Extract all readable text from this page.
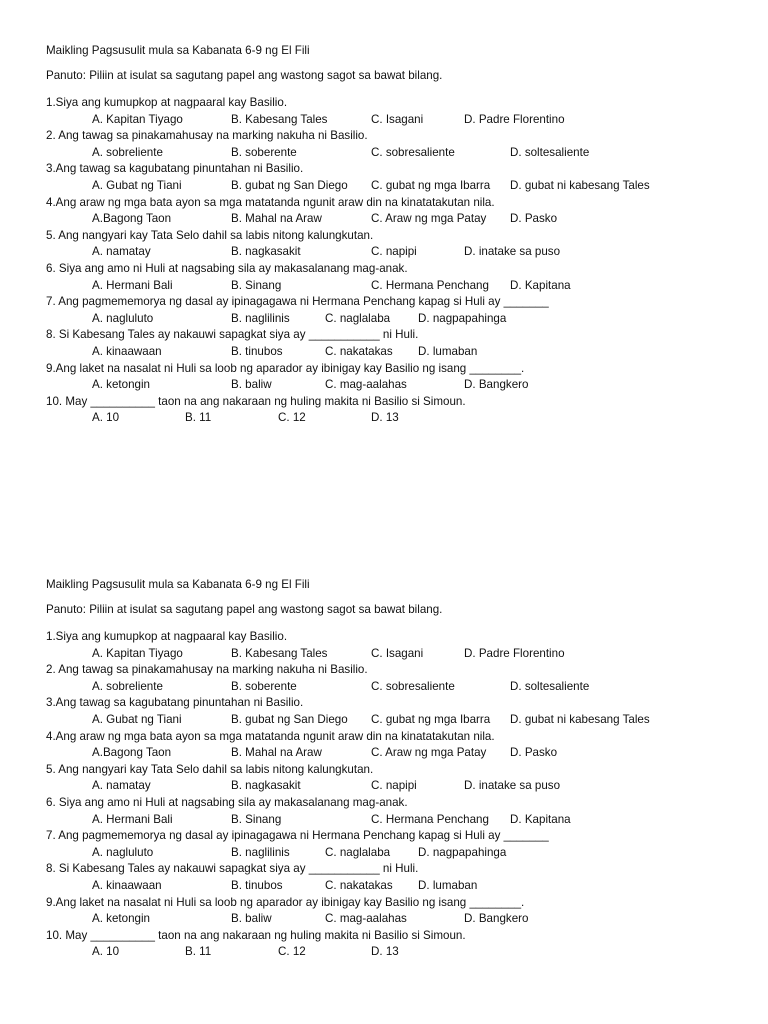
Maikling Pagsusulit mula sa Kabanata 6-9 ng El Fili
Panuto: Piliin at isulat sa sagutang papel ang wastong sagot sa bawat bilang.
1.Siya ang kumupkop at nagpaaral kay Basilio.
A. Kapitan Tiyago	B. Kabesang Tales	C. Isagani	D. Padre Florentino
2. Ang tawag sa pinakamahusay na marking nakuha ni Basilio.
A. sobreliente	B. soberente	C. sobresaliente	D. soltesaliente
3.Ang tawag sa kagubatang pinuntahan ni Basilio.
A. Gubat ng Tiani	B. gubat ng San Diego C. gubat ng mga Ibarra D. gubat ni kabesang Tales
4.Ang araw ng mga bata ayon sa mga matatanda ngunit araw din na kinatatakutan nila.
A.Bagong Taon	B. Mahal na Araw	C. Araw ng mga Patay D. Pasko
5. Ang nangyari kay Tata Selo dahil sa labis nitong kalungkutan.
A. namatay	B. nagkasakit	C. napipi	D. inatake sa puso
6. Siya ang amo ni Huli at nagsabing sila ay makasalanang mag-anak.
A. Hermani Bali	B. Sinang	C. Hermana Penchang D. Kapitana
7. Ang pagmememorya ng dasal ay ipinagagawa ni Hermana Penchang kapag si Huli ay _______
A. nagluluto	B. naglilinis	C. naglalaba D. nagpapahinga
8. Si Kabesang Tales ay nakauwi sapagkat siya ay ___________ ni Huli.
A. kinaawaan	B. tinubos	C. nakatakas D. lumaban
9.Ang laket na nasalat ni Huli sa loob ng aparador ay ibinigay kay Basilio ng isang ________.
A. ketongin	B. baliw	C. mag-aalahas	D. Bangkero
10. May __________ taon na ang nakaraan ng huling makita ni Basilio si Simoun.
A. 10	B. 11	C. 12	D. 13
Maikling Pagsusulit mula sa Kabanata 6-9 ng El Fili
Panuto: Piliin at isulat sa sagutang papel ang wastong sagot sa bawat bilang.
1.Siya ang kumupkop at nagpaaral kay Basilio.
A. Kapitan Tiyago	B. Kabesang Tales	C. Isagani	D. Padre Florentino
2. Ang tawag sa pinakamahusay na marking nakuha ni Basilio.
A. sobreliente	B. soberente	C. sobresaliente	D. soltesaliente
3.Ang tawag sa kagubatang pinuntahan ni Basilio.
A. Gubat ng Tiani	B. gubat ng San Diego C. gubat ng mga Ibarra D. gubat ni kabesang Tales
4.Ang araw ng mga bata ayon sa mga matatanda ngunit araw din na kinatatakutan nila.
A.Bagong Taon	B. Mahal na Araw	C. Araw ng mga Patay D. Pasko
5. Ang nangyari kay Tata Selo dahil sa labis nitong kalungkutan.
A. namatay	B. nagkasakit	C. napipi	D. inatake sa puso
6. Siya ang amo ni Huli at nagsabing sila ay makasalanang mag-anak.
A. Hermani Bali	B. Sinang	C. Hermana Penchang D. Kapitana
7. Ang pagmememorya ng dasal ay ipinagagawa ni Hermana Penchang kapag si Huli ay _______
A. nagluluto	B. naglilinis	C. naglalaba D. nagpapahinga
8. Si Kabesang Tales ay nakauwi sapagkat siya ay ___________ ni Huli.
A. kinaawaan	B. tinubos	C. nakatakas D. lumaban
9.Ang laket na nasalat ni Huli sa loob ng aparador ay ibinigay kay Basilio ng isang ________.
A. ketongin	B. baliw	C. mag-aalahas	D. Bangkero
10. May __________ taon na ang nakaraan ng huling makita ni Basilio si Simoun.
A. 10	B. 11	C. 12	D. 13
